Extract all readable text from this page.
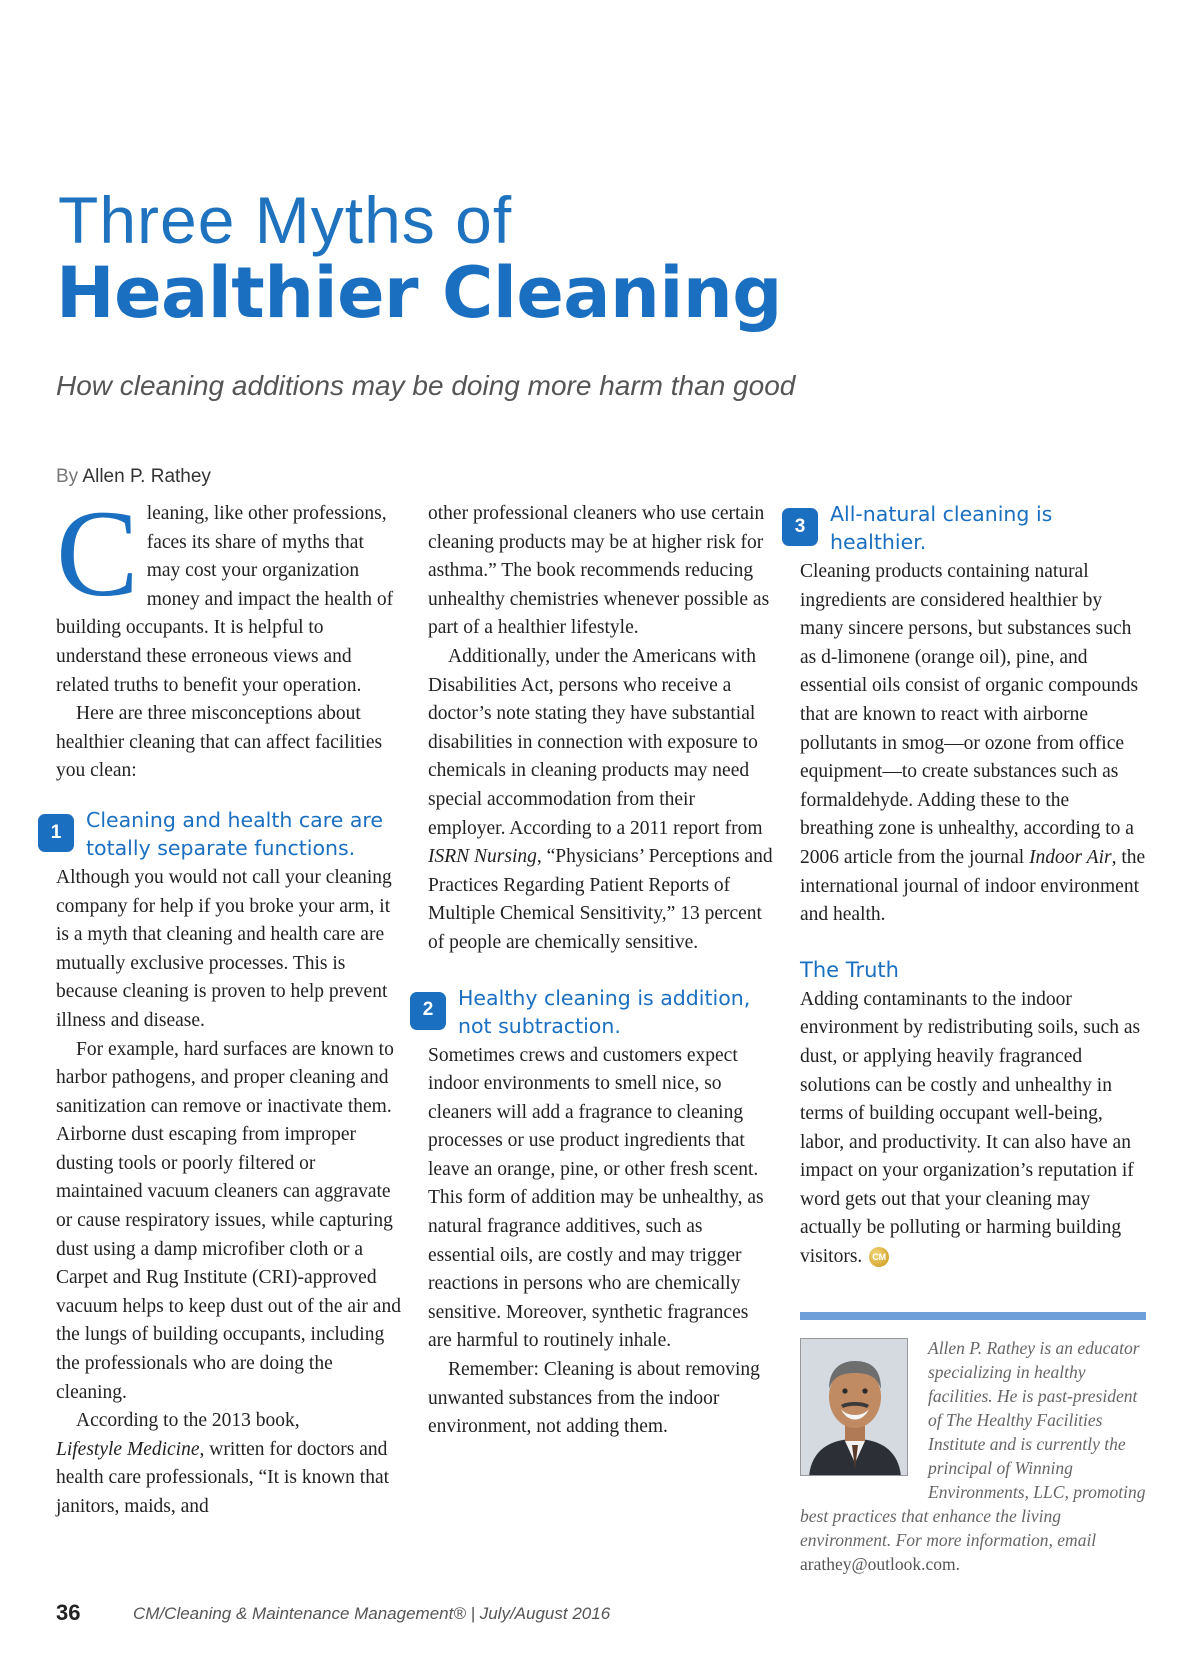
Three Myths of
Healthier Cleaning
How cleaning additions may be doing more harm than good
By Allen P. Rathey

Cleaning, like other professions, faces its share of myths that may cost your organization money and impact the health of building occupants. It is helpful to understand these erroneous views and related truths to benefit your operation.

Here are three misconceptions about healthier cleaning that can affect facilities you clean:

1
Cleaning and health care are totally separate functions.

Although you would not call your cleaning company for help if you broke your arm, it is a myth that cleaning and health care are mutually exclusive processes. This is because cleaning is proven to help prevent illness and disease.

For example, hard surfaces are known to harbor pathogens, and proper cleaning and sanitization can remove or inactivate them. Airborne dust escaping from improper dusting tools or poorly filtered or maintained vacuum cleaners can aggravate or cause respiratory issues, while capturing dust using a damp microfiber cloth or a Carpet and Rug Institute (CRI)-approved vacuum helps to keep dust out of the air and the lungs of building occupants, including the professionals who are doing the cleaning.

According to the 2013 book,
Lifestyle Medicine, written for doctors and health care professionals, “It is known that janitors, maids, and

other professional cleaners who use certain cleaning products may be at higher risk for asthma.” The book recommends reducing unhealthy chemistries whenever possible as part of a healthier lifestyle.

Additionally, under the Americans with Disabilities Act, persons who receive a doctor’s note stating they have substantial disabilities in connection with exposure to chemicals in cleaning products may need special accommodation from their employer. According to a 2011 report from ISRN Nursing, “Physicians’ Perceptions and Practices Regarding Patient Reports of Multiple Chemical Sensitivity,” 13 percent of people are chemically sensitive.

2
Healthy cleaning is addition, not subtraction.

Sometimes crews and customers expect indoor environments to smell nice, so cleaners will add a fragrance to cleaning processes or use product ingredients that leave an orange, pine, or other fresh scent. This form of addition may be unhealthy, as natural fragrance additives, such as essential oils, are costly and may trigger reactions in persons who are chemically sensitive. Moreover, synthetic fragrances are harmful to routinely inhale.

Remember: Cleaning is about removing unwanted substances from the indoor environment, not adding them.

3
All-natural cleaning is healthier.

Cleaning products containing natural ingredients are considered healthier by many sincere persons, but substances such as d-limonene (orange oil), pine, and essential oils consist of organic compounds that are known to react with airborne pollutants in smog—or ozone from office equipment—to create substances such as formaldehyde. Adding these to the breathing zone is unhealthy, according to a 2006 article from the journal Indoor Air, the international journal of indoor environment and health.

The Truth

Adding contaminants to the indoor environment by redistributing soils, such as dust, or applying heavily fragranced solutions can be costly and unhealthy in terms of building occupant well-being, labor, and productivity. It can also have an impact on your organization’s reputation if word gets out that your cleaning may actually be polluting or harming building visitors. CM

Allen P. Rathey is an educator specializing in healthy facilities. He is past-president of The Healthy Facilities Institute and is currently the principal of Winning Environments, LLC, promoting best practices that enhance the living environment. For more information, email arathey@outlook.com.
36	CM/Cleaning & Maintenance Management® | July/August 2016
